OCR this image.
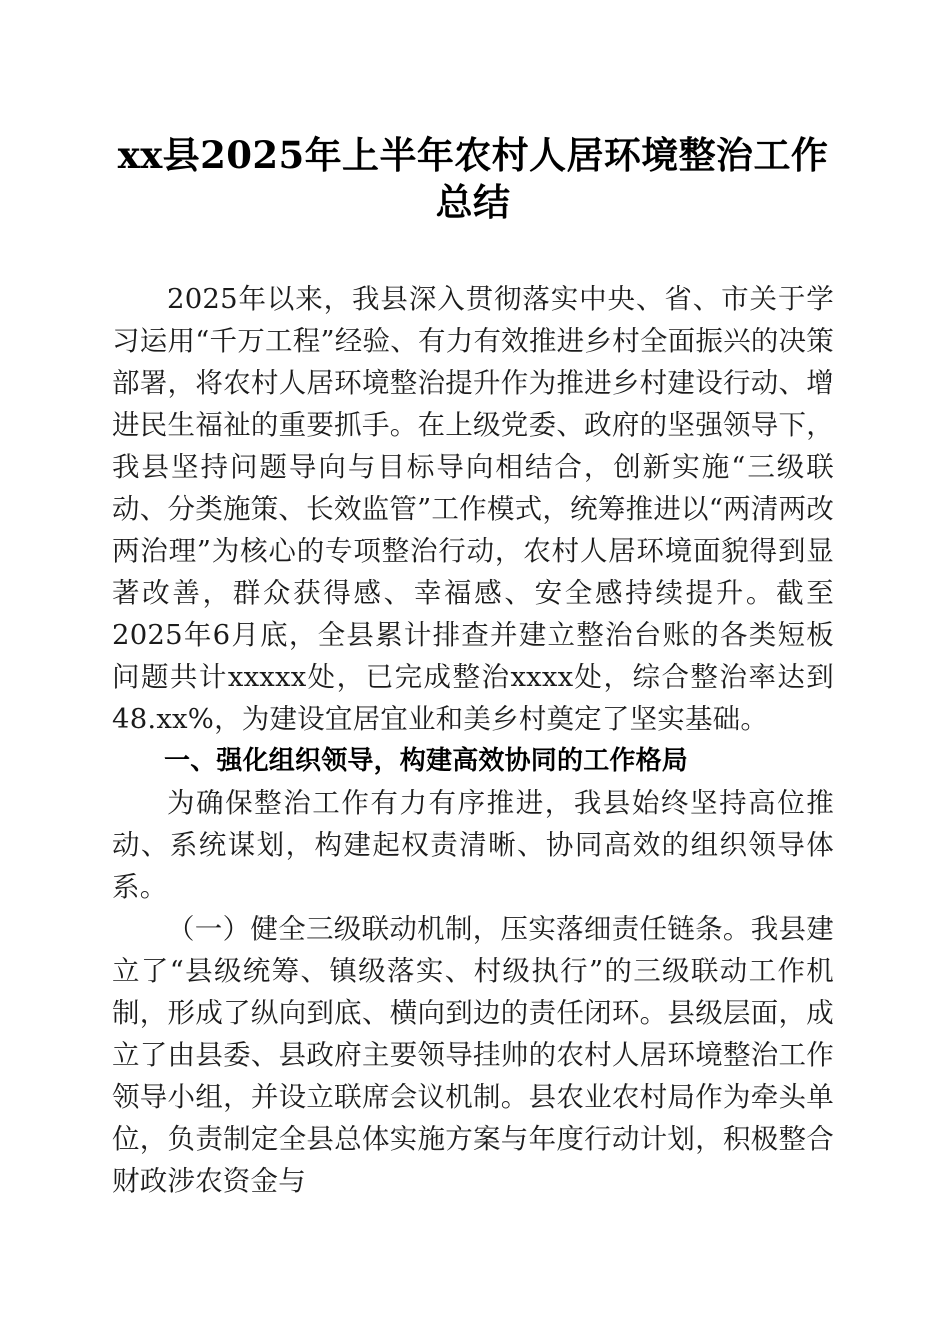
xx县2025年上半年农村人居环境整治工作总结

2025年以来，我县深入贯彻落实中央、省、市关于学习运用“千万工程”经验、有力有效推进乡村全面振兴的决策部署，将农村人居环境整治提升作为推进乡村建设行动、增进民生福祉的重要抓手。在上级党委、政府的坚强领导下，我县坚持问题导向与目标导向相结合，创新实施“三级联动、分类施策、长效监管”工作模式，统筹推进以“两清两改两治理”为核心的专项整治行动，农村人居环境面貌得到显著改善，群众获得感、幸福感、安全感持续提升。截至2025年6月底，全县累计排查并建立整治台账的各类短板问题共计xxxxx处，已完成整治xxxx处，综合整治率达到48.xx%，为建设宜居宜业和美乡村奠定了坚实基础。

一、强化组织领导，构建高效协同的工作格局

为确保整治工作有力有序推进，我县始终坚持高位推动、系统谋划，构建起权责清晰、协同高效的组织领导体系。

（一）健全三级联动机制，压实落细责任链条。我县建立了“县级统筹、镇级落实、村级执行”的三级联动工作机制，形成了纵向到底、横向到边的责任闭环。县级层面，成立了由县委、县政府主要领导挂帅的农村人居环境整治工作领导小组，并设立联席会议机制。县农业农村局作为牵头单位，负责制定全县总体实施方案与年度行动计划，积极整合财政涉农资金与
